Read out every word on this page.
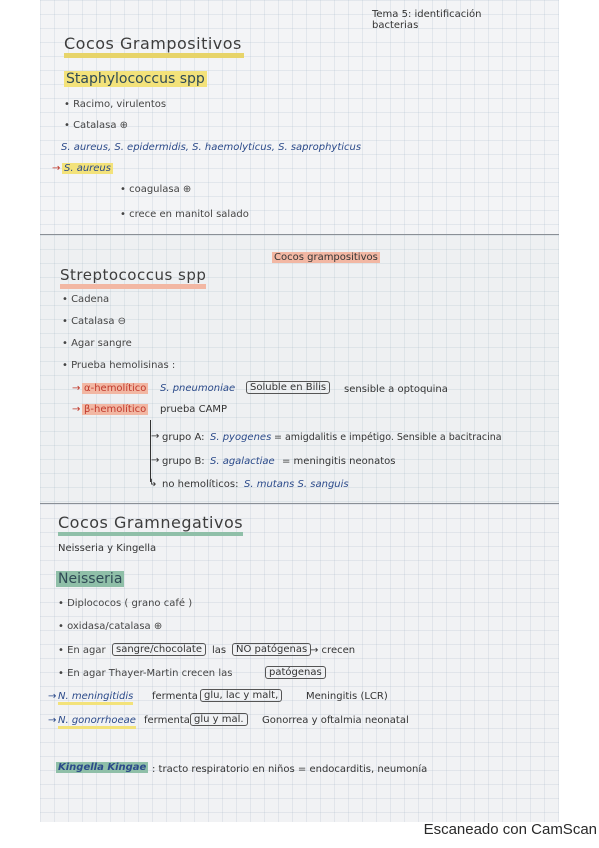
Tema 5: identificación bacterias
Cocos Grampositivos
Staphylococcus spp
• Racimo, virulentos
• Catalasa ⊕
S. aureus, S. epidermidis, S. haemolyticus, S. saprophyticus
→ S. aureus
• coagulasa ⊕
• crece en manitol salado
Cocos grampositivos
Streptococcus spp
• Cadena
• Catalasa ⊖
• Agar sangre
• Prueba hemolisinas :
→ α-hemolítico S. pneumoniae	Soluble en Bilis	sensible a optoquina
→ β-hemolítico prueba CAMP
→ grupo A: S. pyogenes = amigdalitis e impétigo. Sensible a bacitracina
→ grupo B: S. agalactiae = meningitis neonatos
↳ no hemolíticos: S. mutans S. sanguis
Cocos Gramnegativos
Neisseria y Kingella
Neisseria
• Diplococos ( grano café )
• oxidasa/catalasa ⊕
• En agar	sangre/chocolate	las NO patógenas → crecen
• En agar Thayer-Martin crecen las	patógenas
→ N. meningitidis fermenta glu, lac y malt,	Meningitis (LCR)
→ N. gonorrhoeae fermenta glu y mal.	Gonorrea y oftalmia neonatal
Kingella Kingae : tracto respiratorio en niños = endocarditis, neumonía
Escaneado con CamScan
